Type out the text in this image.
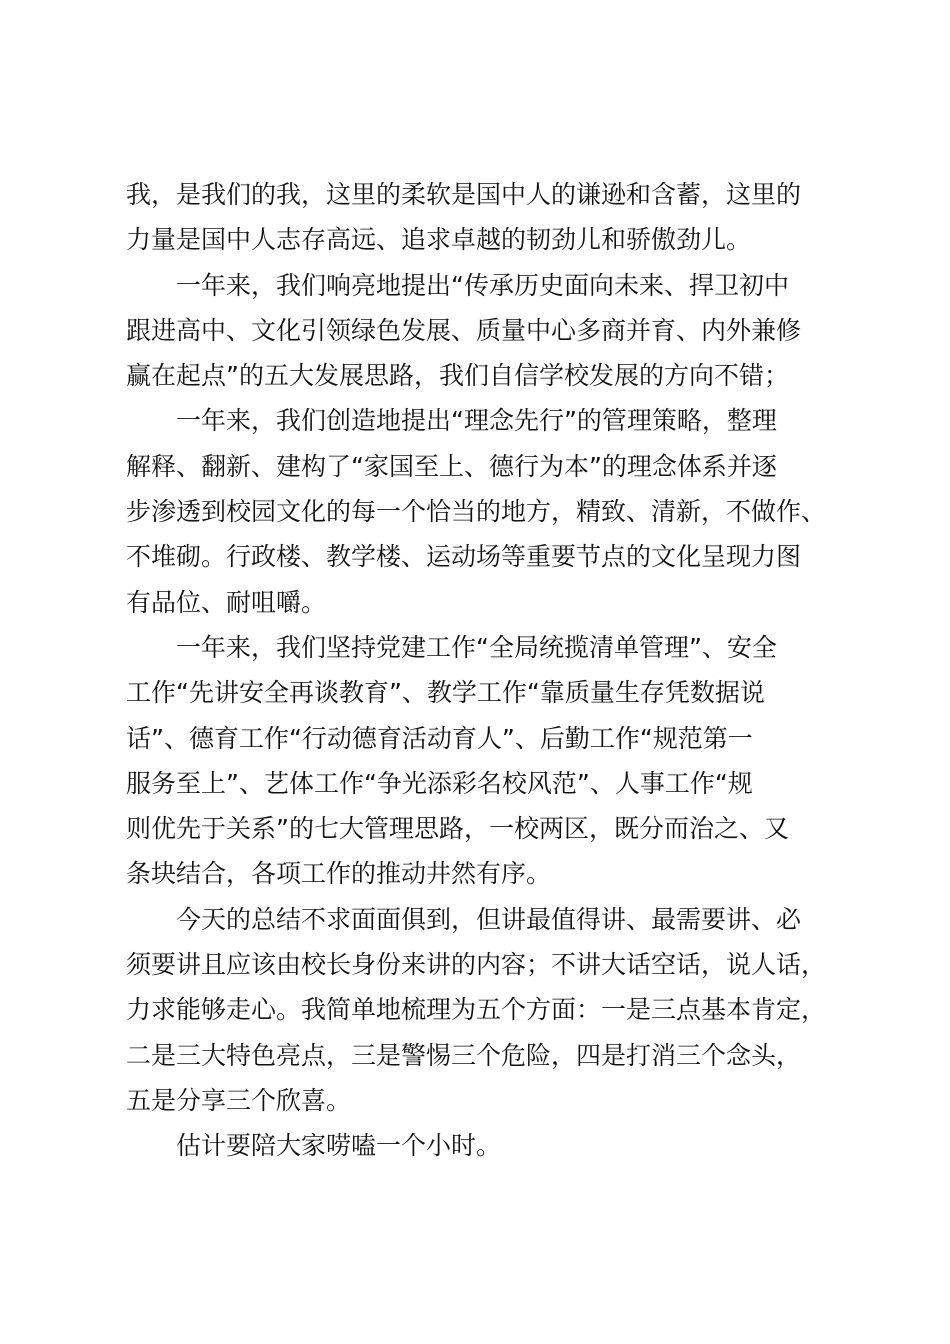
我，是我们的我，这里的柔软是国中人的谦逊和含蓄，这里的
力量是国中人志存高远、追求卓越的韧劲儿和骄傲劲儿。
一年来，我们响亮地提出“传承历史面向未来、捍卫初中
跟进高中、文化引领绿色发展、质量中心多商并育、内外兼修
赢在起点”的五大发展思路，我们自信学校发展的方向不错；
一年来，我们创造地提出“理念先行”的管理策略，整理
解释、翻新、建构了“家国至上、德行为本”的理念体系并逐
步渗透到校园文化的每一个恰当的地方，精致、清新，不做作、
不堆砌。行政楼、教学楼、运动场等重要节点的文化呈现力图
有品位、耐咀嚼。
一年来，我们坚持党建工作“全局统揽清单管理”、安全
工作“先讲安全再谈教育”、教学工作“靠质量生存凭数据说
话”、德育工作“行动德育活动育人”、后勤工作“规范第一
服务至上”、艺体工作“争光添彩名校风范”、人事工作“规
则优先于关系”的七大管理思路，一校两区，既分而治之、又
条块结合，各项工作的推动井然有序。
今天的总结不求面面俱到，但讲最值得讲、最需要讲、必
须要讲且应该由校长身份来讲的内容；不讲大话空话，说人话，
力求能够走心。我简单地梳理为五个方面：一是三点基本肯定，
二是三大特色亮点，三是警惕三个危险，四是打消三个念头，
五是分享三个欣喜。
估计要陪大家唠嗑一个小时。
